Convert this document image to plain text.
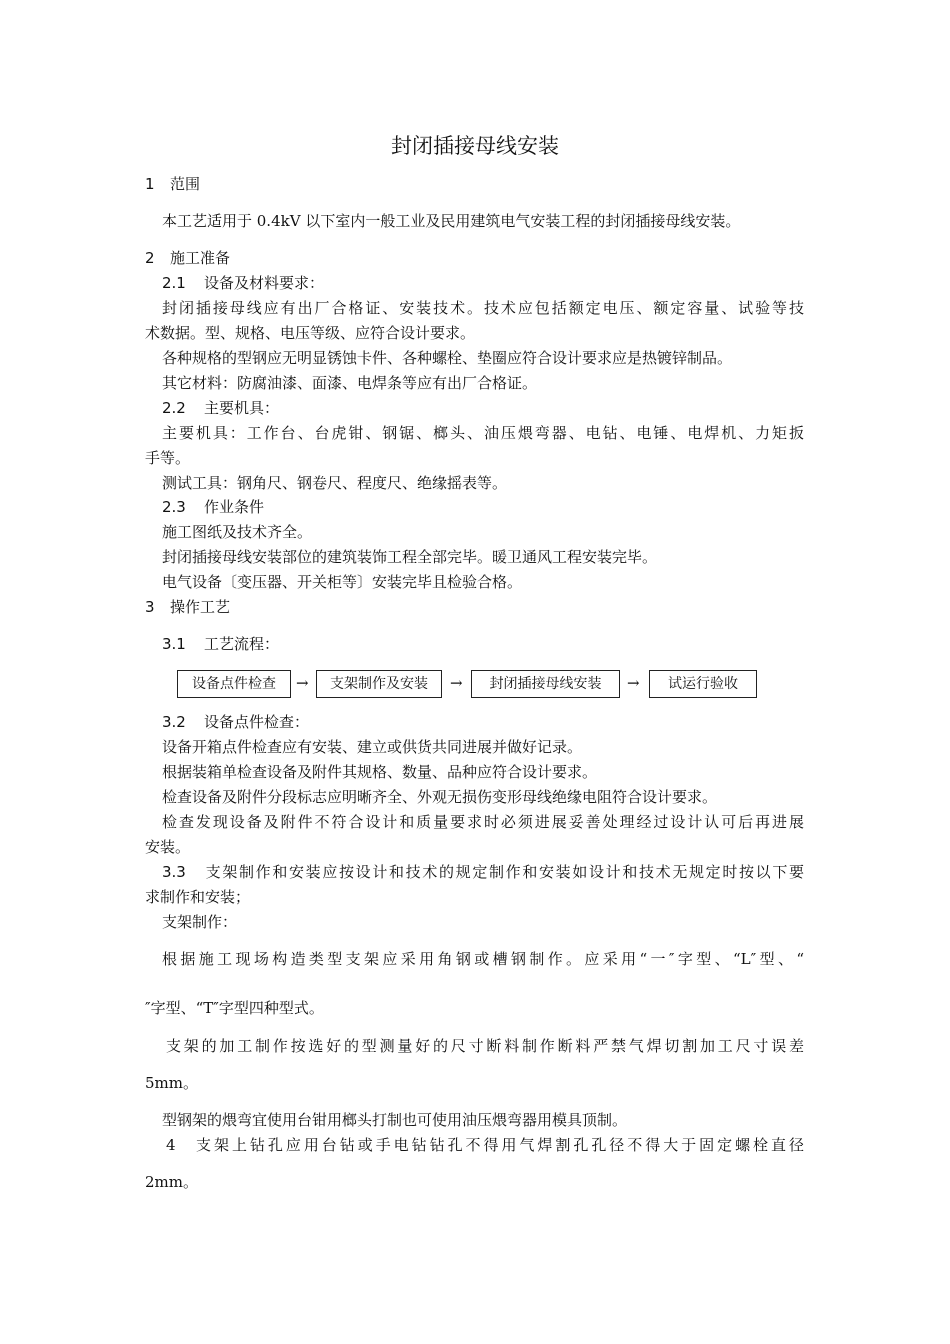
封闭插接母线安装
1 范围
本工艺适用于 0.4kV 以下室内一般工业及民用建筑电气安装工程的封闭插接母线安装。
2 施工准备
2.1 设备及材料要求：
封闭插接母线应有出厂合格证、安装技术。技术应包括额定电压、额定容量、试验等技
术数据。型、规格、电压等级、应符合设计要求。
各种规格的型钢应无明显锈蚀卡件、各种螺栓、垫圈应符合设计要求应是热镀锌制品。
其它材料：防腐油漆、面漆、电焊条等应有出厂合格证。
2.2 主要机具：
主要机具：工作台、台虎钳、钢锯、榔头、油压煨弯器、电钻、电锤、电焊机、力矩扳
手等。
测试工具：钢角尺、钢卷尺、程度尺、绝缘摇表等。
2.3 作业条件
施工图纸及技术齐全。
封闭插接母线安装部位的建筑装饰工程全部完毕。暖卫通风工程安装完毕。
电气设备〔变压器、开关柜等〕安装完毕且检验合格。
3 操作工艺
3.1 工艺流程：
设备点件检查	→	支架制作及安装	→	封闭插接母线安装	→	试运行验收
3.2 设备点件检查：
设备开箱点件检查应有安装、建立或供货共同进展并做好记录。
根据装箱单检查设备及附件其规格、数量、品种应符合设计要求。
检查设备及附件分段标志应明晰齐全、外观无损伤变形母线绝缘电阻符合设计要求。
检查发现设备及附件不符合设计和质量要求时必须进展妥善处理经过设计认可后再进展
安装。
3.3 支架制作和安装应按设计和技术的规定制作和安装如设计和技术无规定时按以下要
求制作和安装；
支架制作：
根据施工现场构造类型支架应采用角钢或槽钢制作。应采用“一″字型、“L″型、“
″字型、“T″字型四种型式。
支架的加工制作按选好的型测量好的尺寸断料制作断料严禁气焊切割加工尺寸误差
5mm。
型钢架的煨弯宜使用台钳用榔头打制也可使用油压煨弯器用模具顶制。
4 支架上钻孔应用台钻或手电钻钻孔不得用气焊割孔孔径不得大于固定螺栓直径
2mm。
